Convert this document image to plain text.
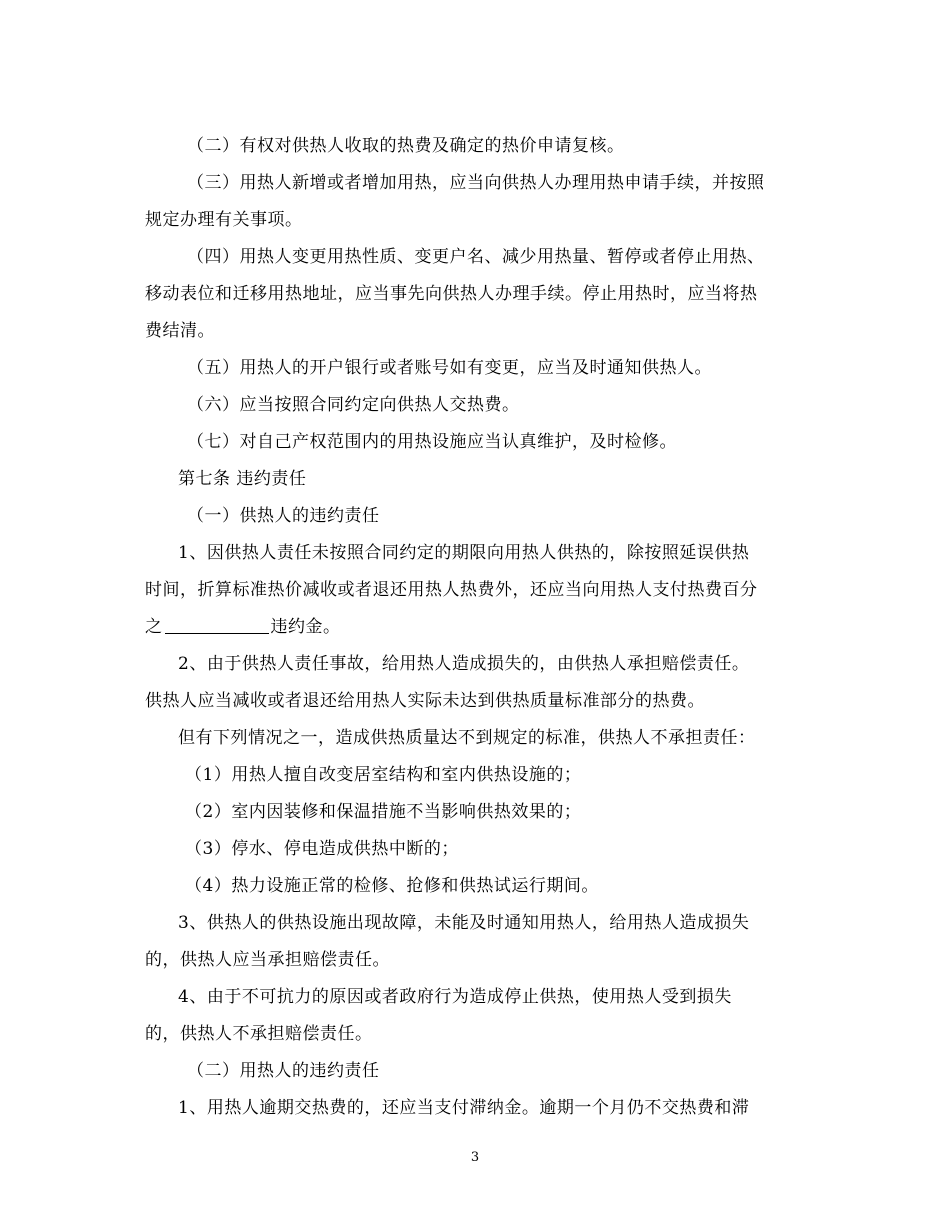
（二）有权对供热人收取的热费及确定的热价申请复核。
（三）用热人新增或者增加用热，应当向供热人办理用热申请手续，并按照
规定办理有关事项。
（四）用热人变更用热性质、变更户名、减少用热量、暂停或者停止用热、
移动表位和迁移用热地址，应当事先向供热人办理手续。停止用热时，应当将热
费结清。
（五）用热人的开户银行或者账号如有变更，应当及时通知供热人。
（六）应当按照合同约定向供热人交热费。
（七）对自己产权范围内的用热设施应当认真维护，及时检修。
第七条 违约责任
（一）供热人的违约责任
1、因供热人责任未按照合同约定的期限向用热人供热的，除按照延误供热
时间，折算标准热价减收或者退还用热人热费外，还应当向用热人支付热费百分
之	违约金。
2、由于供热人责任事故，给用热人造成损失的，由供热人承担赔偿责任。
供热人应当减收或者退还给用热人实际未达到供热质量标准部分的热费。
但有下列情况之一，造成供热质量达不到规定的标准，供热人不承担责任：
（1）用热人擅自改变居室结构和室内供热设施的；
（2）室内因装修和保温措施不当影响供热效果的；
（3）停水、停电造成供热中断的；
（4）热力设施正常的检修、抢修和供热试运行期间。
3、供热人的供热设施出现故障，未能及时通知用热人，给用热人造成损失
的，供热人应当承担赔偿责任。
4、由于不可抗力的原因或者政府行为造成停止供热，使用热人受到损失
的，供热人不承担赔偿责任。
（二）用热人的违约责任
1、用热人逾期交热费的，还应当支付滞纳金。逾期一个月仍不交热费和滞
3
